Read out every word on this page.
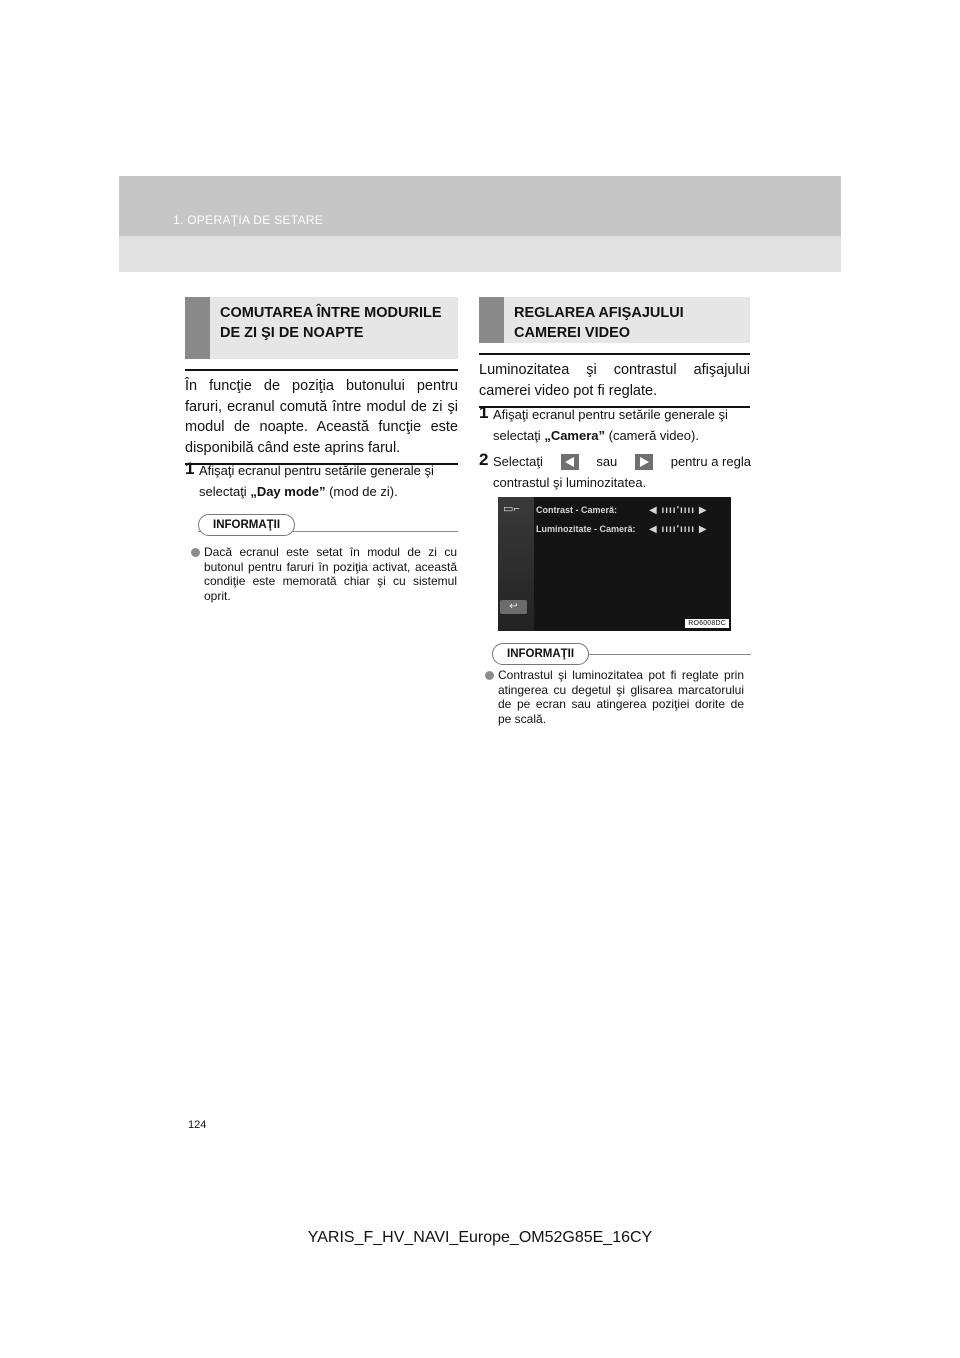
1. OPERAŢIA DE SETARE
COMUTAREA ÎNTRE MODURILE DE ZI ŞI DE NOAPTE
În funcţie de poziţia butonului pentru faruri, ecranul comută între modul de zi şi modul de noapte. Această funcţie este disponibilă când este aprins farul.
1 Afişaţi ecranul pentru setările generale şi selectaţi „Day mode” (mod de zi).
INFORMAŢII
Dacă ecranul este setat în modul de zi cu butonul pentru faruri în poziţia activat, această condiţie este memorată chiar şi cu sistemul oprit.
REGLAREA AFIŞAJULUI CAMEREI VIDEO
Luminozitatea şi contrastul afişajului camerei video pot fi reglate.
1 Afişaţi ecranul pentru setările generale şi selectaţi „Camera” (cameră video).
2 Selectaţi	sau	pentru a regla
contrastul şi luminozitatea.
▭⌐	Contrast - Cameră:	◀ ıııı'ıııı ▶
Luminozitate - Cameră: ◀ ıııı'ıııı ▶
↩
RO6008DC
INFORMAŢII
Contrastul şi luminozitatea pot fi reglate prin atingerea cu degetul şi glisarea marcatorului de pe ecran sau atingerea poziţiei dorite de pe scală.
124
YARIS_F_HV_NAVI_Europe_OM52G85E_16CY
